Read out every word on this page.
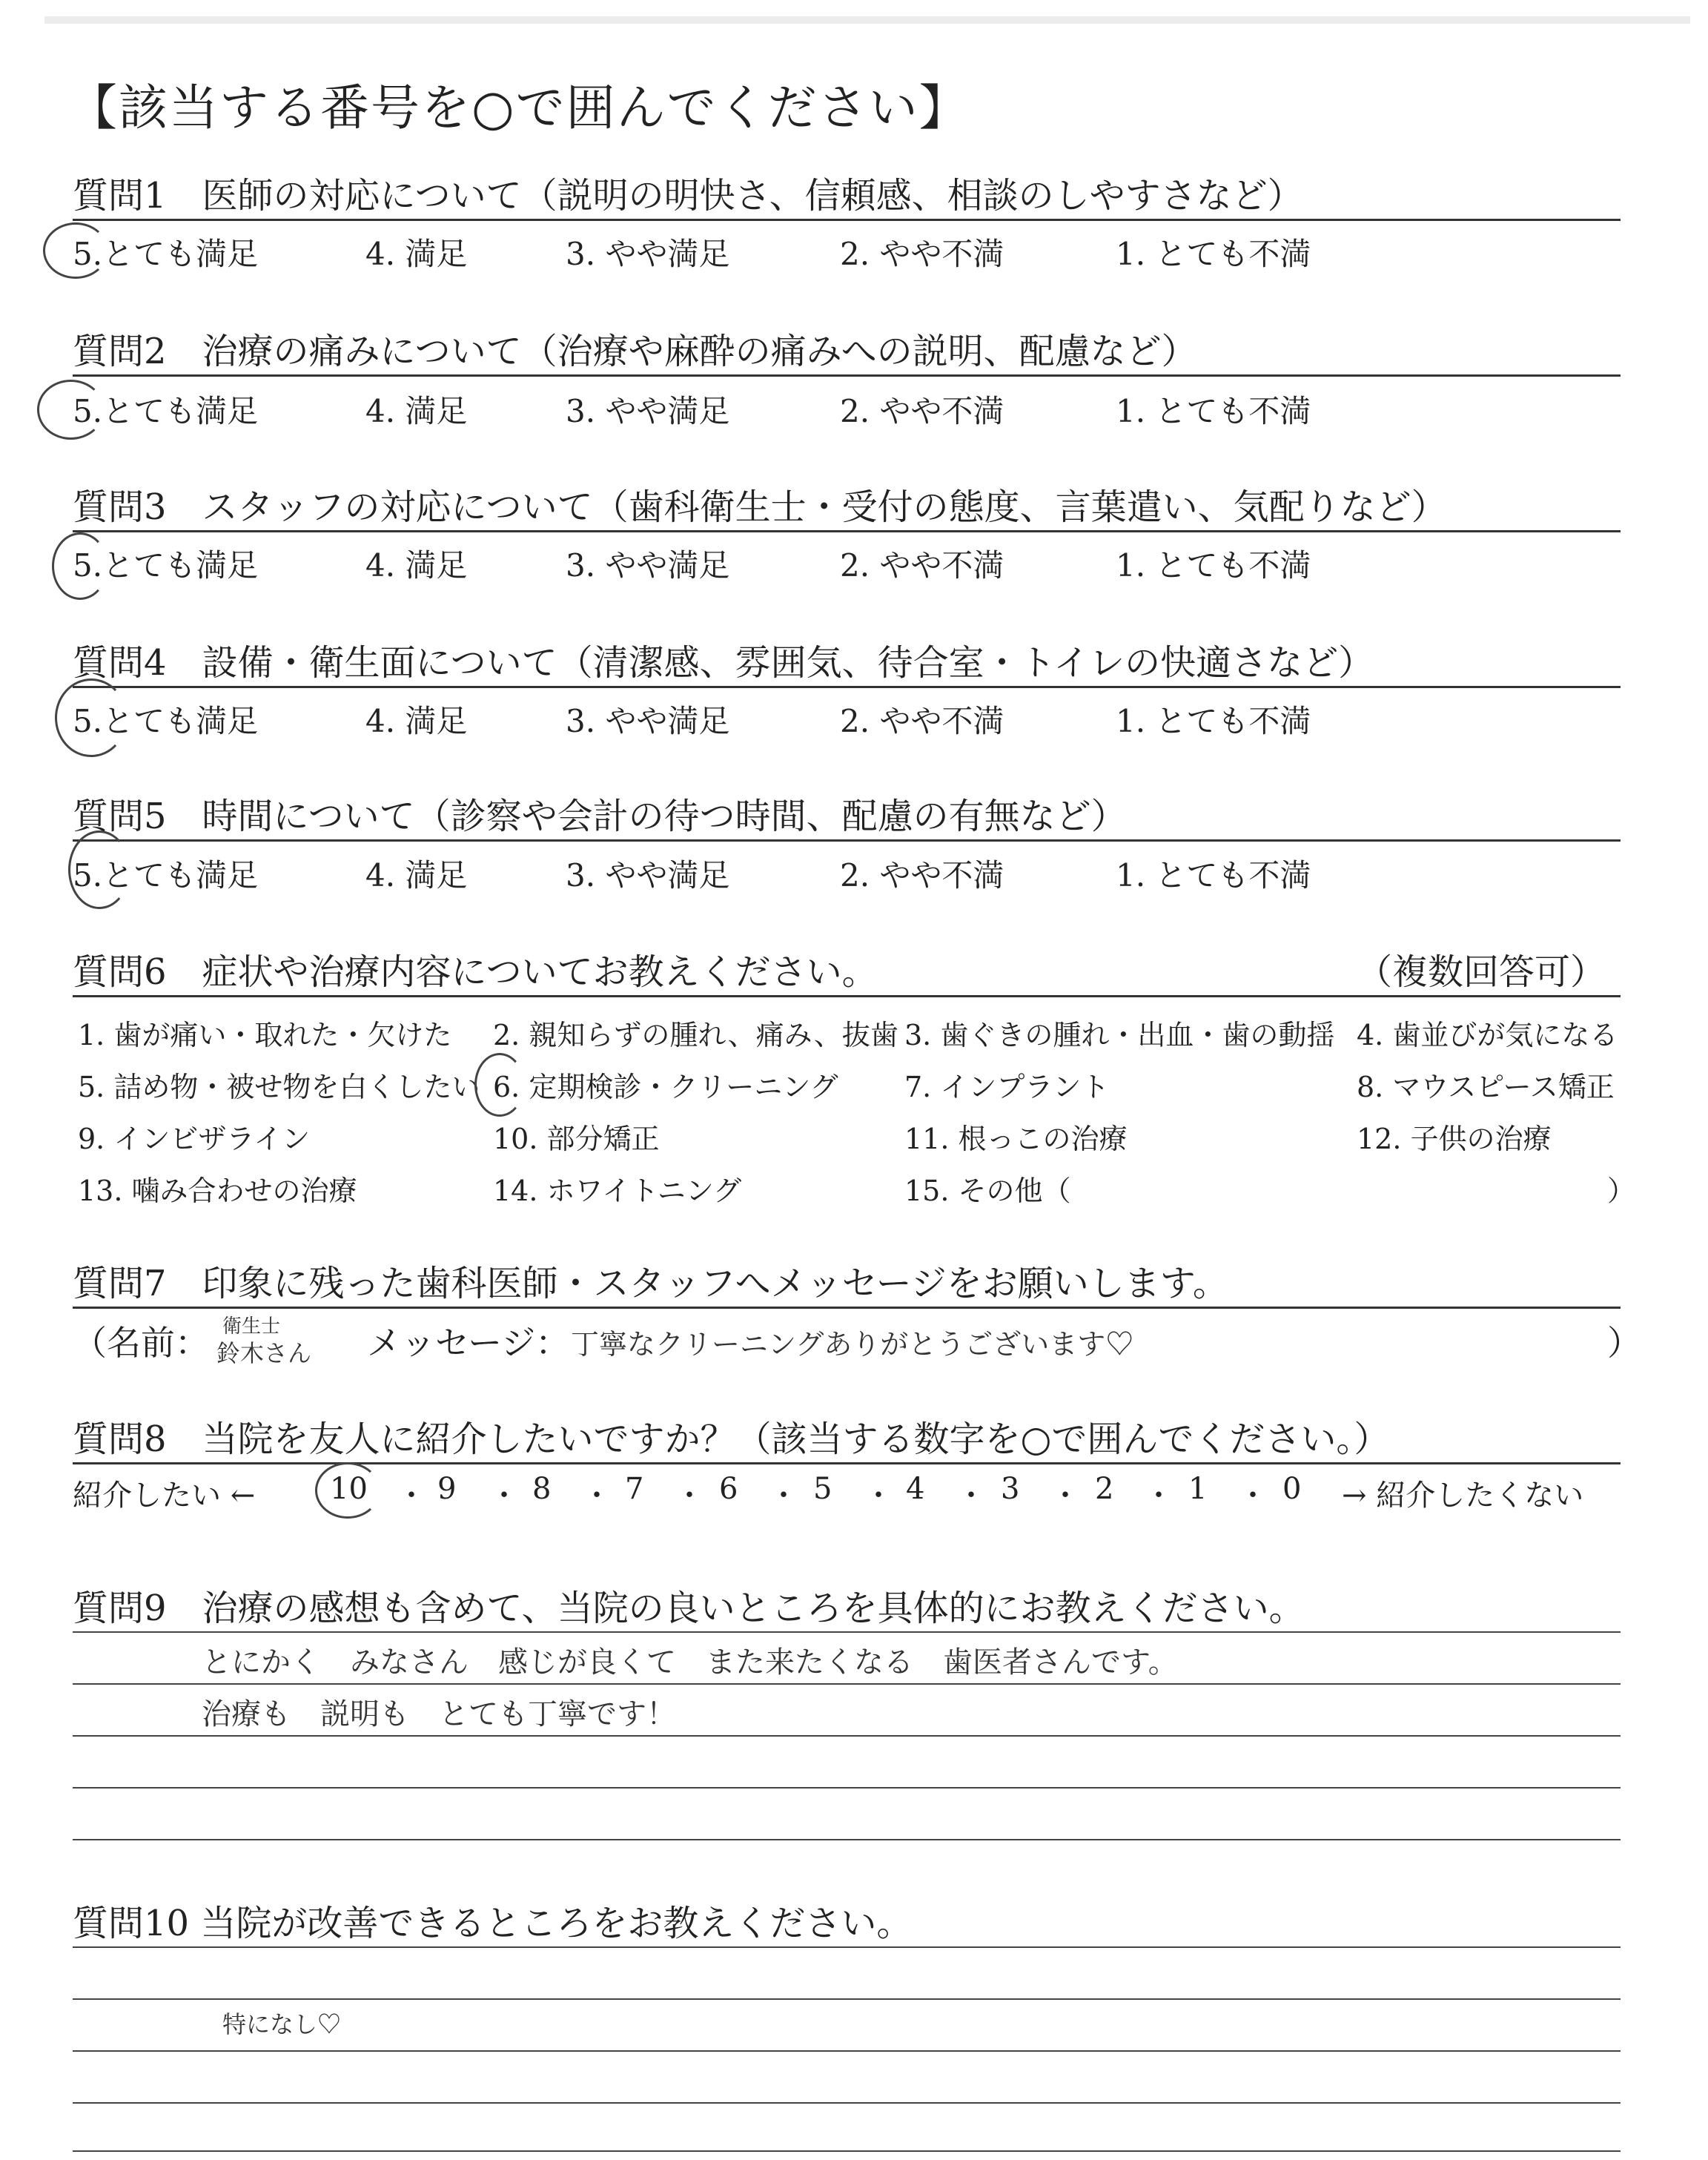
【該当する番号を○で囲んでください】
質問1　医師の対応について（説明の明快さ、信頼感、相談のしやすさなど）
5.とても満足	4. 満足	3. やや満足	2. やや不満	1. とても不満
質問2　治療の痛みについて（治療や麻酔の痛みへの説明、配慮など）
5.とても満足	4. 満足	3. やや満足	2. やや不満	1. とても不満
質問3　スタッフの対応について（歯科衛生士・受付の態度、言葉遣い、気配りなど）
5.とても満足	4. 満足	3. やや満足	2. やや不満	1. とても不満
質問4　設備・衛生面について（清潔感、雰囲気、待合室・トイレの快適さなど）
5.とても満足	4. 満足	3. やや満足	2. やや不満	1. とても不満
質問5　時間について（診察や会計の待つ時間、配慮の有無など）
5.とても満足	4. 満足	3. やや満足	2. やや不満	1. とても不満
質問6　症状や治療内容についてお教えください。	（複数回答可）
1. 歯が痛い・取れた・欠けた 2. 親知らずの腫れ、痛み、抜歯 3. 歯ぐきの腫れ・出血・歯の動揺 4. 歯並びが気になる
5. 詰め物・被せ物を白くしたい 6. 定期検診・クリーニング 7. インプラント	8. マウスピース矯正
9. インビザライン	10. 部分矯正	11. 根っこの治療	12. 子供の治療
13. 噛み合わせの治療	14. ホワイトニング	15. その他（	）
質問7　印象に残った歯科医師・スタッフへメッセージをお願いします。
（名前： 衛生士
鈴木さん メッセージ： 丁寧なクリーニングありがとうございます♡	）
質問8　当院を友人に紹介したいですか？（該当する数字を○で囲んでください。）
紹介したい ←	10 ・ 9 ・ 8 ・ 7 ・ 6 ・ 5 ・ 4 ・ 3 ・ 2 ・ 1 ・ 0 → 紹介したくない
質問9　治療の感想も含めて、当院の良いところを具体的にお教えください。
とにかく　みなさん　感じが良くて　また来たくなる　歯医者さんです。
治療も　説明も　とても丁寧です！
質問10 当院が改善できるところをお教えください。
特になし♡
